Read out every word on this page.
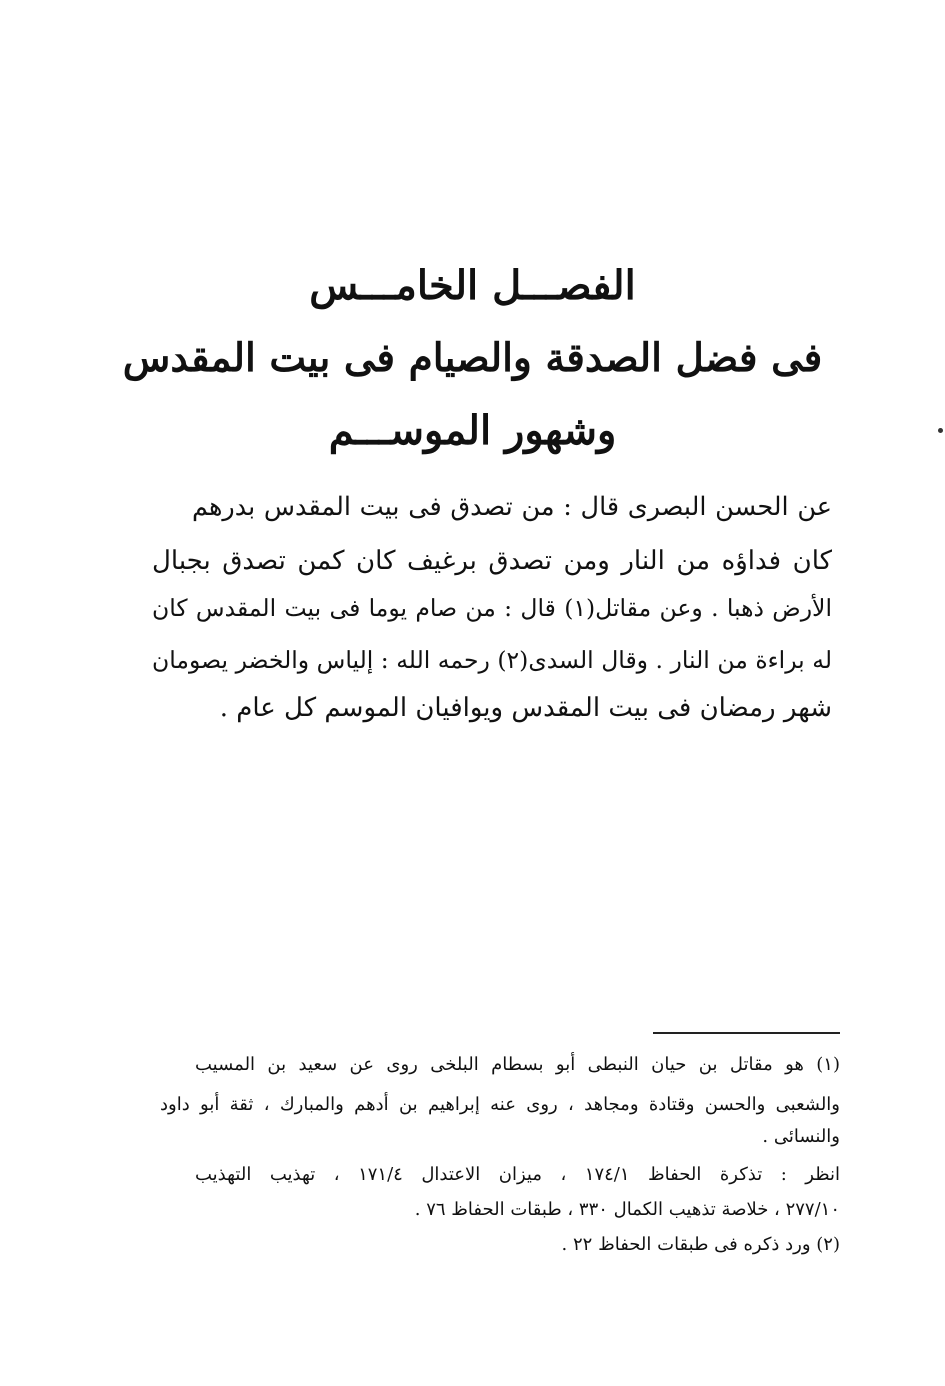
الفصـــل الخامـــس
فى فضل الصدقة والصيام فى بيت المقدس
وشهور الموســـم
عن الحسن البصرى قال : من تصدق فى بيت المقدس بدرهم
كان فداؤه من النار ومن تصدق برغيف كان كمن تصدق بجبال
الأرض ذهبا . وعن مقاتل(١) قال : من صام يوما فى بيت المقدس كان
له براءة من النار . وقال السدى(٢) رحمه الله : إلياس والخضر يصومان
شهر رمضان فى بيت المقدس ويوافيان الموسم كل عام .
(١) هو مقاتل بن حيان النبطى أبو بسطام البلخى روى عن سعيد بن المسيب
والشعبى والحسن وقتادة ومجاهد ، روى عنه إبراهيم بن أدهم والمبارك ، ثقة أبو داود
والنسائى .
انظر : تذكرة الحفاظ ١٧٤/١ ، ميزان الاعتدال ١٧١/٤ ، تهذيب التهذيب
٢٧٧/١٠ ، خلاصة تذهيب الكمال ٣٣٠ ، طبقات الحفاظ ٧٦ .
(٢) ورد ذكره فى طبقات الحفاظ ٢٢ .
